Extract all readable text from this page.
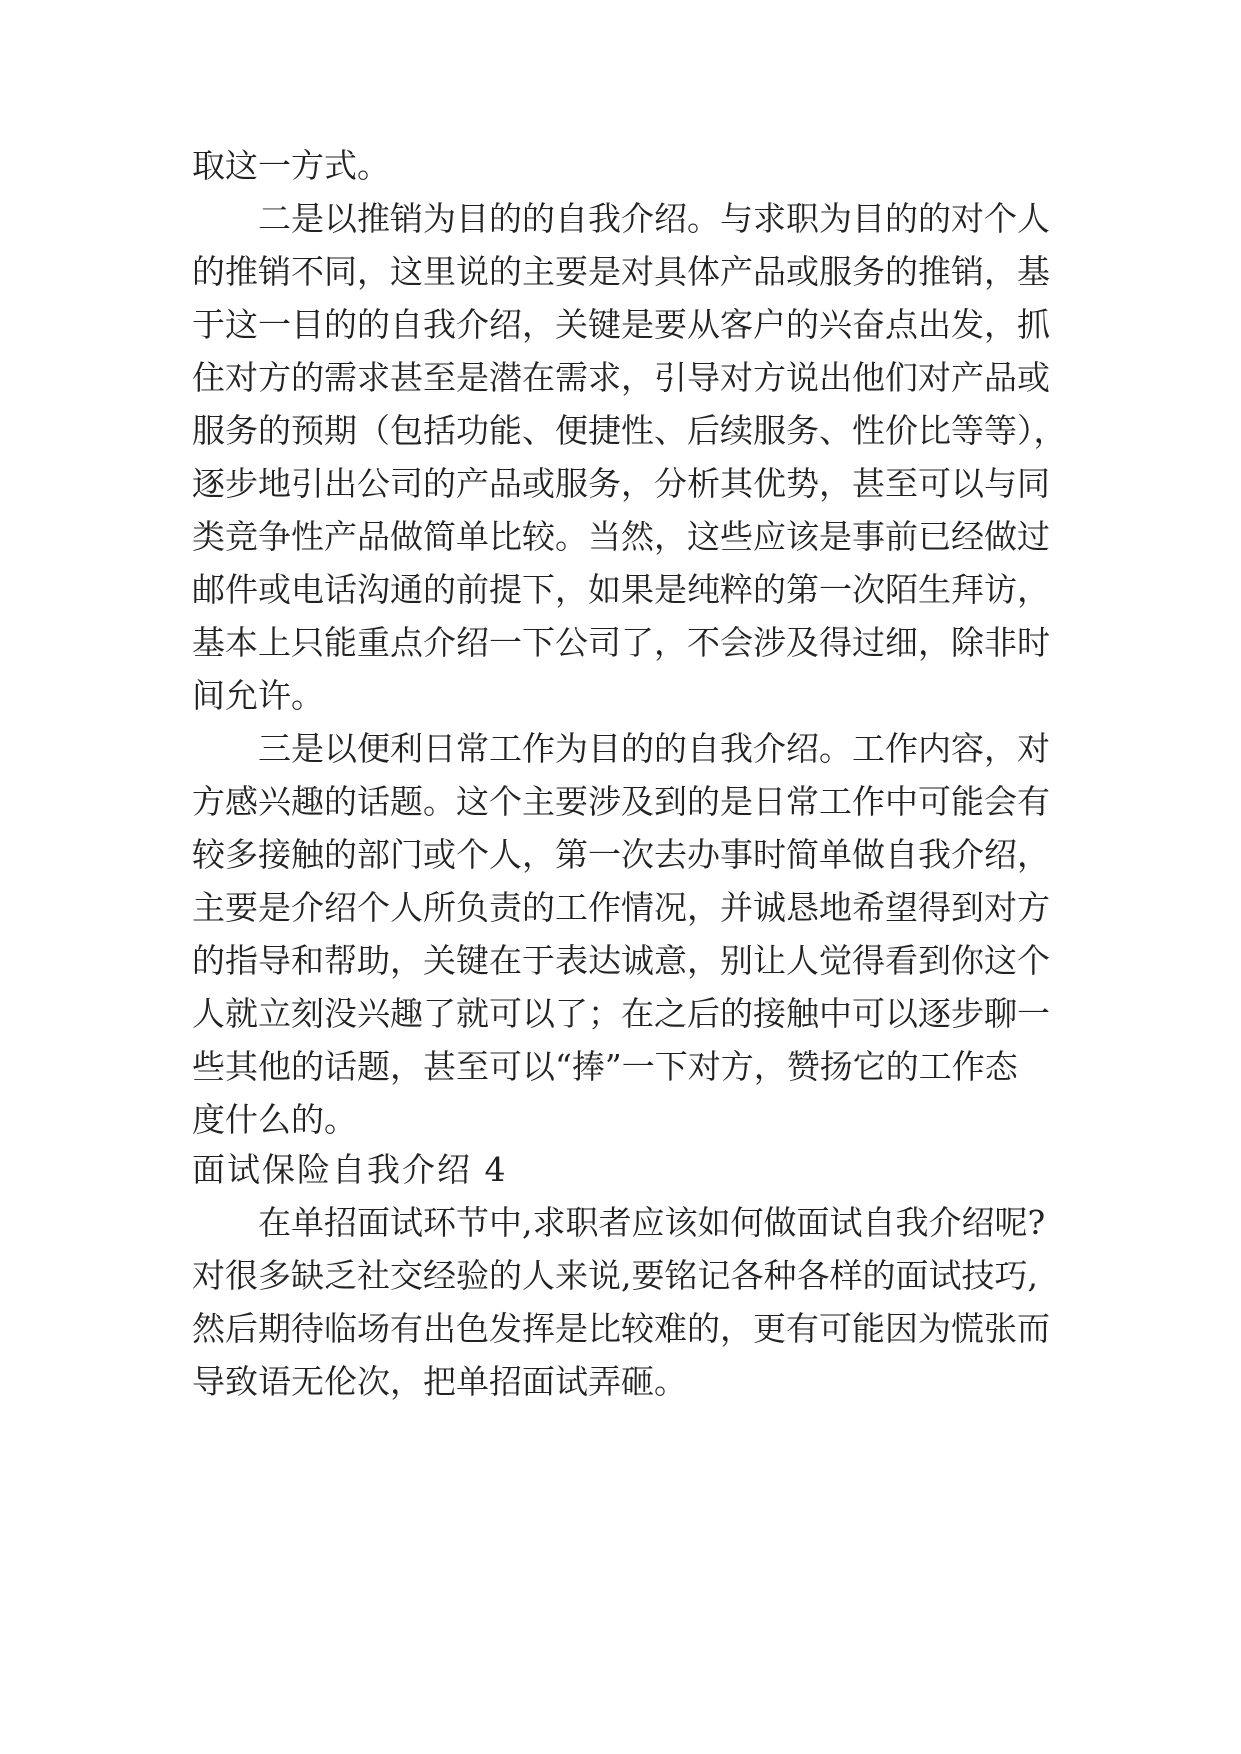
取这一方式。
二是以推销为目的的自我介绍。与求职为目的的对个人
的推销不同，这里说的主要是对具体产品或服务的推销，基
于这一目的的自我介绍，关键是要从客户的兴奋点出发，抓
住对方的需求甚至是潜在需求，引导对方说出他们对产品或
服务的预期（包括功能、便捷性、后续服务、性价比等等），
逐步地引出公司的产品或服务，分析其优势，甚至可以与同
类竞争性产品做简单比较。当然，这些应该是事前已经做过
邮件或电话沟通的前提下，如果是纯粹的第一次陌生拜访，
基本上只能重点介绍一下公司了，不会涉及得过细，除非时
间允许。
三是以便利日常工作为目的的自我介绍。工作内容，对
方感兴趣的话题。这个主要涉及到的是日常工作中可能会有
较多接触的部门或个人，第一次去办事时简单做自我介绍，
主要是介绍个人所负责的工作情况，并诚恳地希望得到对方
的指导和帮助，关键在于表达诚意，别让人觉得看到你这个
人就立刻没兴趣了就可以了；在之后的接触中可以逐步聊一
些其他的话题，甚至可以“捧”一下对方，赞扬它的工作态
度什么的。
面试保险自我介绍 4
在单招面试环节中,求职者应该如何做面试自我介绍呢?
对很多缺乏社交经验的人来说,要铭记各种各样的面试技巧,
然后期待临场有出色发挥是比较难的，更有可能因为慌张而
导致语无伦次，把单招面试弄砸。
